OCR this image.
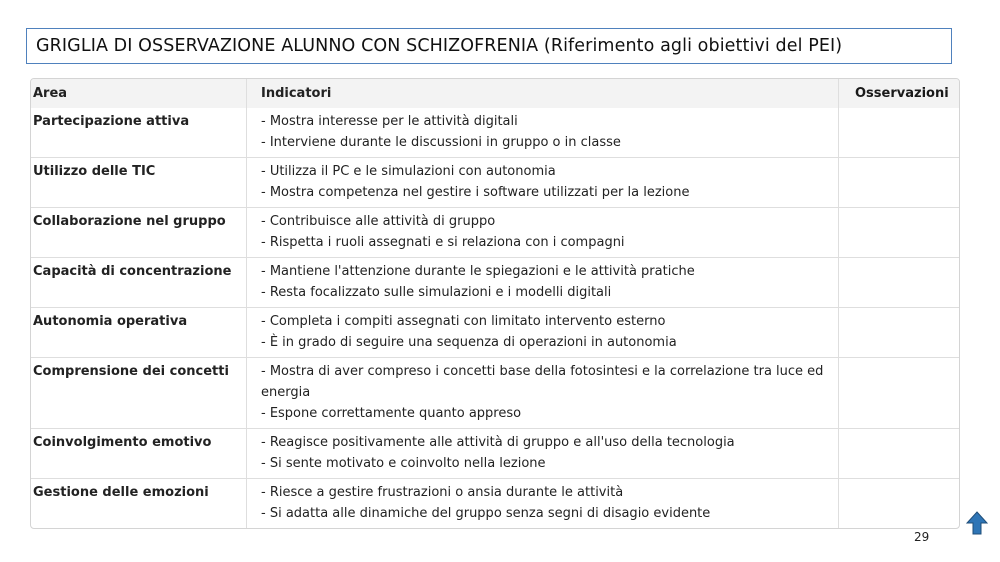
GRIGLIA DI OSSERVAZIONE ALUNNO CON SCHIZOFRENIA (Riferimento agli obiettivi del PEI)
Area	Indicatori	Osservazioni
Partecipazione attiva	- Mostra interesse per le attività digitali
- Interviene durante le discussioni in gruppo o in classe
Utilizzo delle TIC	- Utilizza il PC e le simulazioni con autonomia
- Mostra competenza nel gestire i software utilizzati per la lezione
Collaborazione nel gruppo	- Contribuisce alle attività di gruppo
- Rispetta i ruoli assegnati e si relaziona con i compagni
Capacità di concentrazione	- Mantiene l'attenzione durante le spiegazioni e le attività pratiche
- Resta focalizzato sulle simulazioni e i modelli digitali
Autonomia operativa	- Completa i compiti assegnati con limitato intervento esterno
- È in grado di seguire una sequenza di operazioni in autonomia
Comprensione dei concetti	- Mostra di aver compreso i concetti base della fotosintesi e la correlazione tra luce ed energia
- Espone correttamente quanto appreso
Coinvolgimento emotivo	- Reagisce positivamente alle attività di gruppo e all'uso della tecnologia
- Si sente motivato e coinvolto nella lezione
Gestione delle emozioni	- Riesce a gestire frustrazioni o ansia durante le attività
- Si adatta alle dinamiche del gruppo senza segni di disagio evidente
29
